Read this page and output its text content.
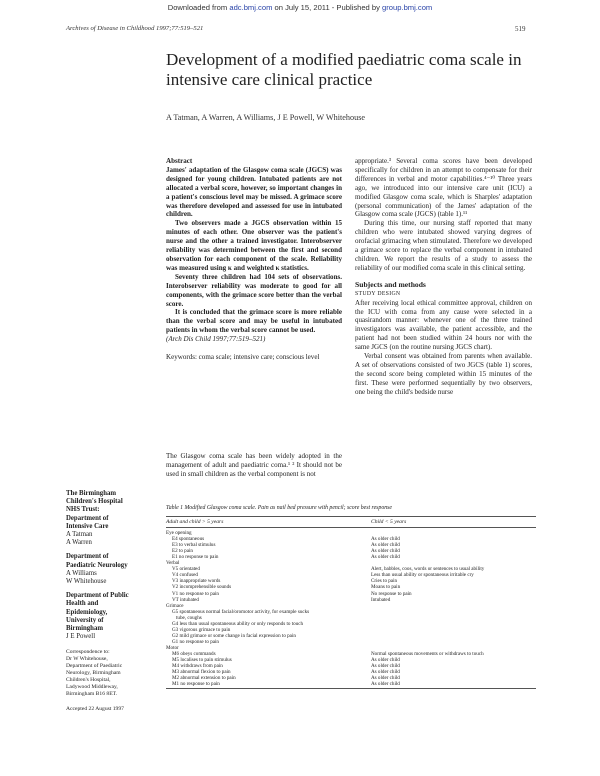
Downloaded from adc.bmj.com on July 15, 2011 - Published by group.bmj.com
Archives of Disease in Childhood 1997;77:519–521	519
Development of a modified paediatric coma scale in intensive care clinical practice
A Tatman, A Warren, A Williams, J E Powell, W Whitehouse

Abstract

James' adaptation of the Glasgow coma scale (JGCS) was designed for young children. Intubated patients are not allocated a verbal score, however, so important changes in a patient's conscious level may be missed. A grimace score was therefore developed and assessed for use in intubated children.

Two observers made a JGCS observation within 15 minutes of each other. One observer was the patient's nurse and the other a trained investigator. Interobserver reliability was determined between the first and second observation for each component of the scale. Reliability was measured using κ and weighted κ statistics.

Seventy three children had 104 sets of observations. Interobserver reliability was moderate to good for all components, with the grimace score better than the verbal score.

It is concluded that the grimace score is more reliable than the verbal score and may be useful in intubated patients in whom the verbal score cannot be used.

(Arch Dis Child 1997;77:519–521)

Keywords: coma scale; intensive care; conscious level

The Glasgow coma scale has been widely adopted in the management of adult and paediatric coma.¹ ² It should not be used in small children as the verbal component is not

appropriate.³ Several coma scores have been developed specifically for children in an attempt to compensate for their differences in verbal and motor capabilities.⁴⁻¹⁰ Three years ago, we introduced into our intensive care unit (ICU) a modified Glasgow coma scale, which is Sharples' adaptation (personal communication) of the James' adaptation of the Glasgow coma scale (JGCS) (table 1).¹¹

During this time, our nursing staff reported that many children who were intubated showed varying degrees of orofacial grimacing when stimulated. Therefore we developed a grimace score to replace the verbal component in intubated children. We report the results of a study to assess the reliability of our modified coma scale in this clinical setting.

Subjects and methods

STUDY DESIGN

After receiving local ethical committee approval, children on the ICU with coma from any cause were selected in a quasirandom manner: whenever one of the three trained investigators was available, the patient accessible, and the patient had not been studied within 24 hours nor with the same JGCS (on the routine nursing JGCS chart).

Verbal consent was obtained from parents when available. A set of observations consisted of two JGCS (table 1) scores, the second score being completed within 15 minutes of the first. These were performed sequentially by two observers, one being the child's bedside nurse

The Birmingham
Children's Hospital
NHS Trust:
Department of
Intensive Care
A Tatman
A Warren
Department of
Paediatric Neurology
A Williams
W Whitehouse
Department of Public
Health and
Epidemiology,
University of
Birmingham
J E Powell
Correspondence to:
Dr W Whitehouse,
Department of Paediatric
Neurology, Birmingham
Children's Hospital,
Ladywood Middleway,
Birmingham B16 8ET.
Accepted 22 August 1997
Table 1 Modified Glasgow coma scale. Pain as nail bed pressure with pencil; score best response
Adult and child > 5 years	Child < 5 years
Eye opening
E4 spontaneous	As older child
E3 to verbal stimulus	As older child
E2 to pain	As older child
E1 no response to pain	As older child
Verbal
V5 orientated	Alert, babbles, coos, words or sentences to usual ability
V4 confused	Less than usual ability or spontaneous irritable cry
V3 inappropriate words	Cries to pain
V2 incomprehensible sounds	Moans to pain
V1 no response to pain	No response to pain
VT intubated	Intubated
Grimace
G5 spontaneous normal facial/oromotor activity, for example sucks
tube, coughs
G4 less than usual spontaneous ability or only responds to touch
G3 vigorous grimace to pain
G2 mild grimace or some change in facial expression to pain
G1 no response to pain
Motor
M6 obeys commands	Normal spontaneous movements or withdraws to touch
M5 localises to pain stimulus	As older child
M4 withdraws from pain	As older child
M3 abnormal flexion to pain	As older child
M2 abnormal extension to pain	As older child
M1 no response to pain	As older child
